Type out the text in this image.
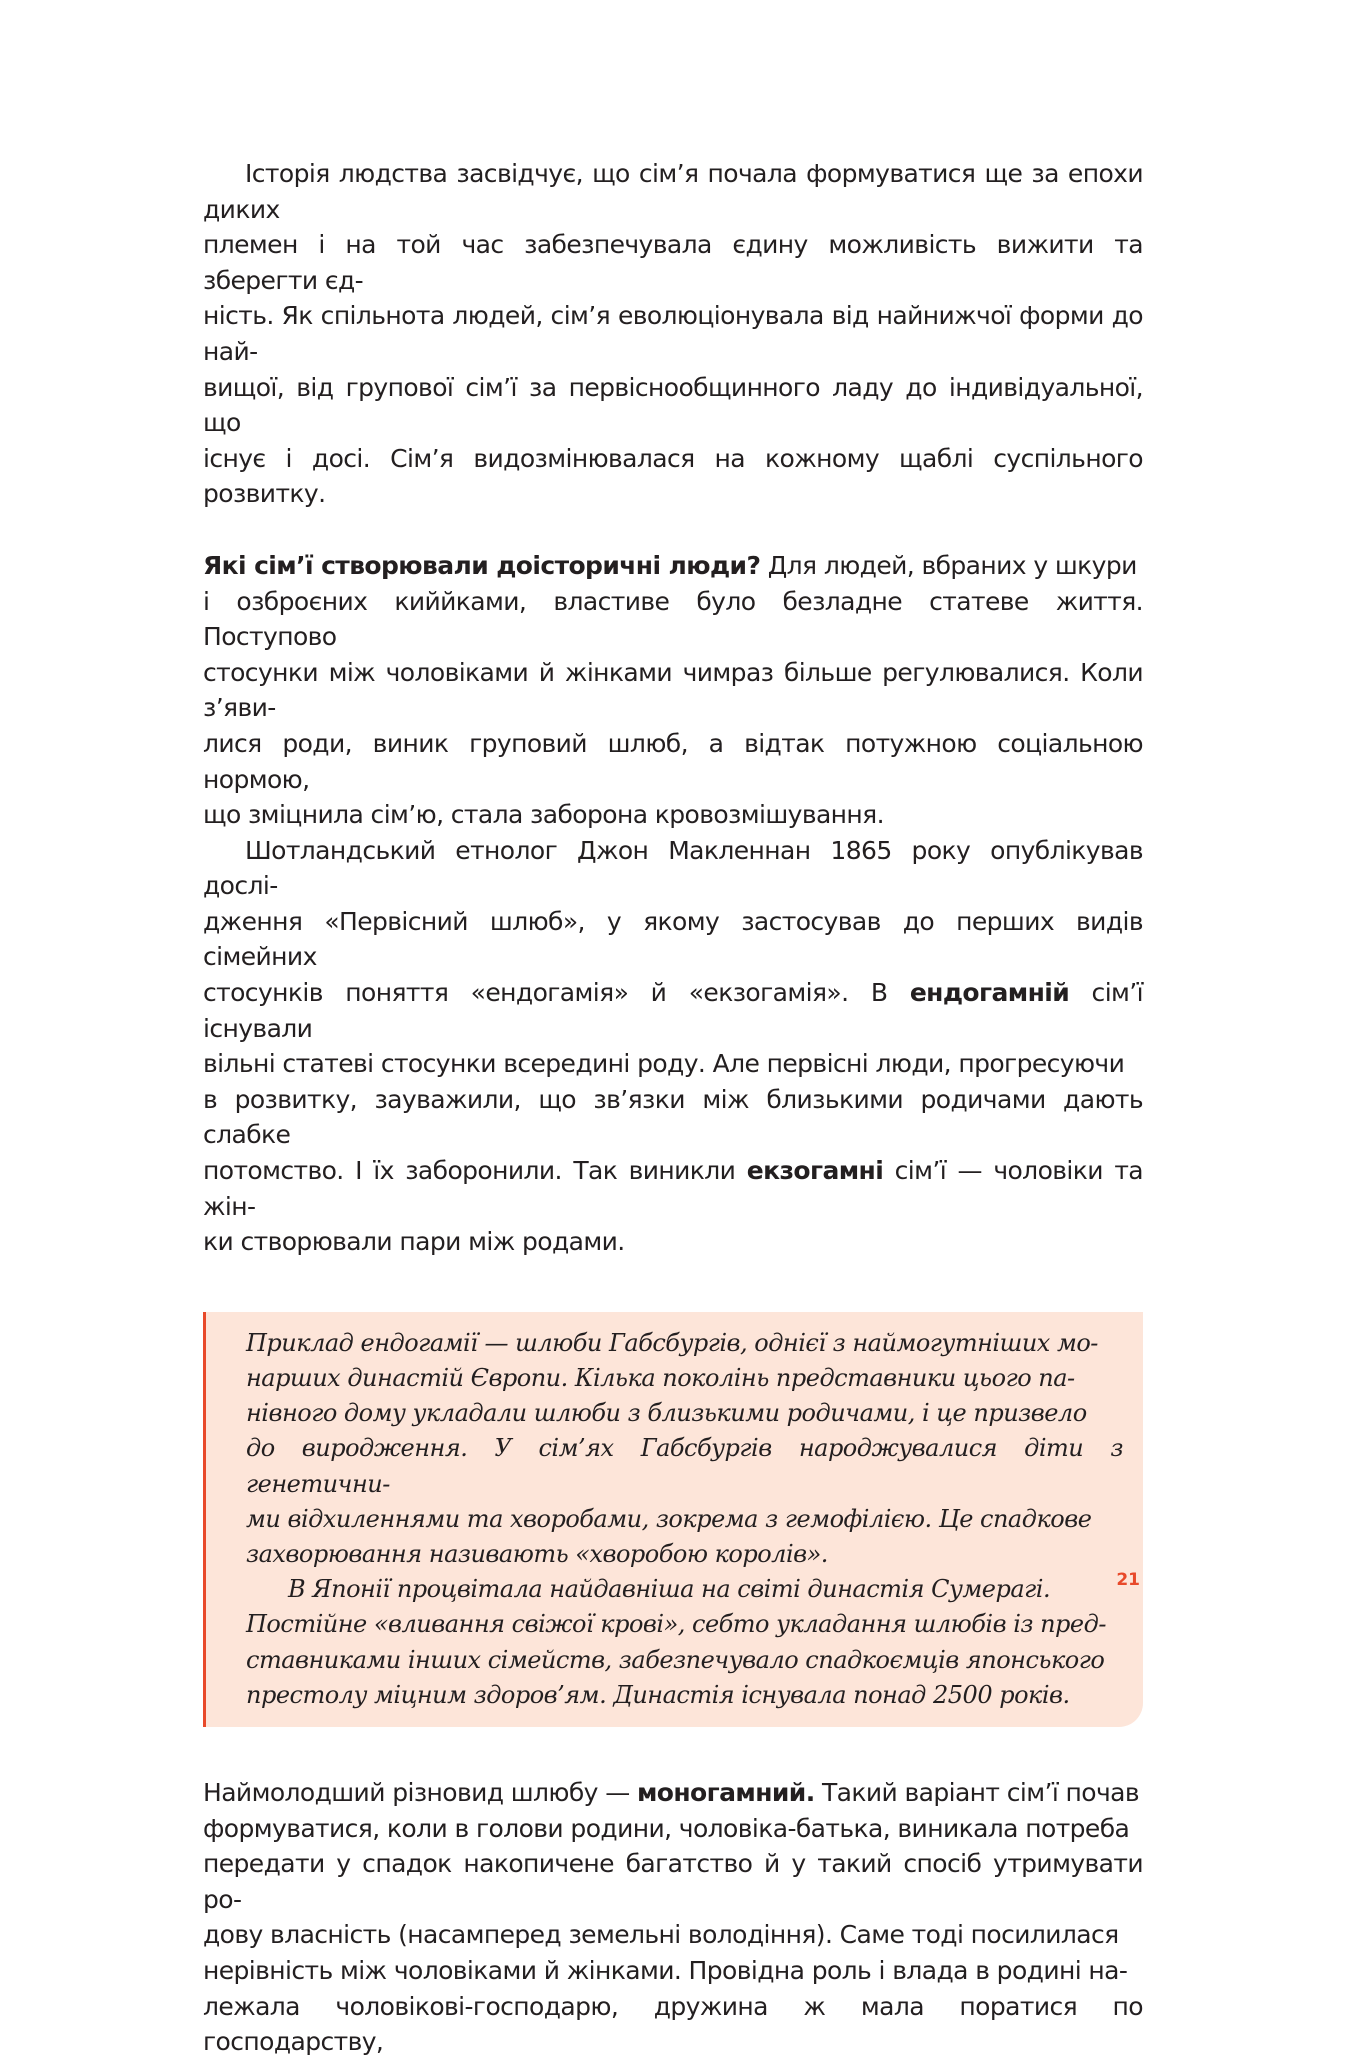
Історія людства засвідчує, що сім’я почала формуватися ще за епохи диких
племен і на той час забезпечувала єдину можливість вижити та зберегти єд-
ність. Як спільнота людей, сім’я еволюціонувала від найнижчої форми до най-
вищої, від групової сім’ї за первіснообщинного ладу до індивідуальної, що
існує і досі. Сім’я видозмінювалася на кожному щаблі суспільного розвитку.

Які сім’ї створювали доісторичні люди? Для людей, вбраних у шкури
і озброєних киййками, властиве було безладне статеве життя. Поступово
стосунки між чоловіками й жінками чимраз більше регулювалися. Коли з’яви-
лися роди, виник груповий шлюб, а відтак потужною соціальною нормою,
що зміцнила сім’ю, стала заборона кровозмішування.

Шотландський етнолог Джон Макленнан 1865 року опублікував дослі-
дження «Первісний шлюб», у якому застосував до перших видів сімейних
стосунків поняття «ендогамія» й «екзогамія». В ендогамній сім’ї існували
вільні статеві стосунки всередині роду. Але первісні люди, прогресуючи
в розвитку, зауважили, що зв’язки між близькими родичами дають слабке
потомство. І їх заборонили. Так виникли екзогамні сім’ї — чоловіки та жін-
ки створювали пари між родами.

Приклад ендогамії — шлюби Габсбургів, однієї з наймогутніших мо-
нарших династій Європи. Кілька поколінь представники цього па-
нівного дому укладали шлюби з близькими родичами, і це призвело
до виродження. У сім’ях Габсбургів народжувалися діти з генетични-
ми відхиленнями та хворобами, зокрема з гемофілією. Це спадкове
захворювання називають «хворобою королів».

В Японії процвітала найдавніша на світі династія Сумерагі.
Постійне «вливання свіжої крові», себто укладання шлюбів із пред-
ставниками інших сімейств, забезпечувало спадкоємців японського
престолу міцним здоров’ям. Династія існувала понад 2500 років.

Наймолодший різновид шлюбу — моногамний. Такий варіант сім’ї почав
формуватися, коли в голови родини, чоловіка-батька, виникала потреба
передати у спадок накопичене багатство й у такий спосіб утримувати ро-
дову власність (насамперед земельні володіння). Саме тоді посилилася
нерівність між чоловіками й жінками. Провідна роль і влада в родині на-
лежала чоловікові-господарю, дружина ж мала поратися по господарству,

21
